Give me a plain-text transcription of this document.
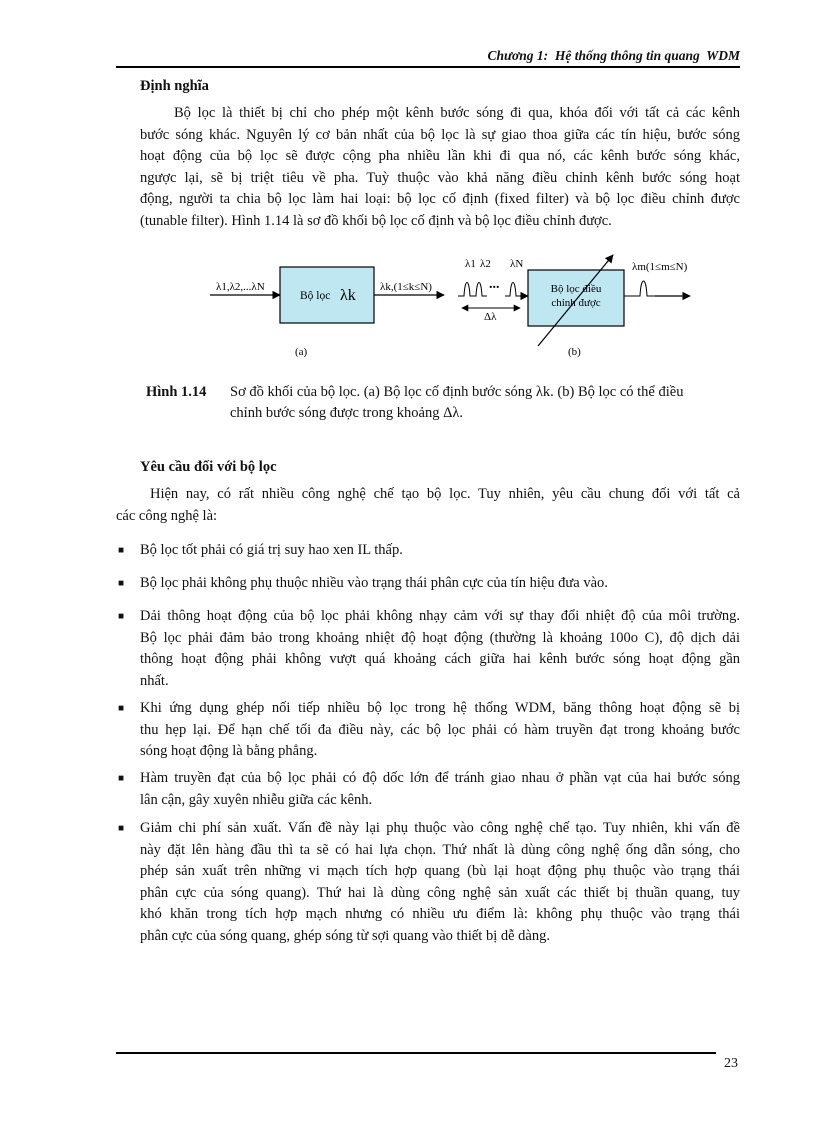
Chương 1:  Hệ thống thông tin quang  WDM
Định nghĩa
Bộ lọc là thiết bị chỉ cho phép một kênh bước sóng đi qua, khóa đối với tất cả các kênh
bước sóng khác. Nguyên lý cơ bản nhất của bộ lọc là sự giao thoa giữa các tín hiệu, bước sóng
hoạt động của bộ lọc sẽ được cộng pha nhiều lần khi đi qua nó, các kênh bước sóng khác,
ngược lại, sẽ bị triệt tiêu về pha. Tuỳ thuộc vào khả năng điều chỉnh kênh bước sóng hoạt
động, người ta chia bộ lọc làm hai loại: bộ lọc cố định (fixed filter) và bộ lọc điều chỉnh được
(tunable filter). Hình 1.14 là sơ đồ khối bộ lọc cố định và bộ lọc điều chỉnh được.
λ1,λ2,...λN
Bộ lọc λk λk,(1≤k≤N)
(a)
λ1 λ2 λN
...
Δλ
Bộ lọc điều
chỉnh được
λm(1≤m≤N)
(b)
Hình 1.14 Sơ đồ khối của bộ lọc. (a) Bộ lọc cố định bước sóng λk. (b) Bộ lọc có thể điều
chỉnh bước sóng được trong khoảng Δλ.
Yêu cầu đối với bộ lọc
Hiện nay, có rất nhiều công nghệ chế tạo bộ lọc. Tuy nhiên, yêu cầu chung đối với tất cả
các công nghệ là:
■ Bộ lọc tốt phải có giá trị suy hao xen IL thấp.
■ Bộ lọc phải không phụ thuộc nhiều vào trạng thái phân cực của tín hiệu đưa vào.
■ Dải thông hoạt động của bộ lọc phải không nhạy cảm với sự thay đổi nhiệt độ của môi trường.
Bộ lọc phải đảm bảo trong khoảng nhiệt độ hoạt động (thường là khoảng 100o C), độ dịch dải
thông hoạt động phải không vượt quá khoảng cách giữa hai kênh bước sóng hoạt động gần
nhất.
■ Khi ứng dụng ghép nối tiếp nhiều bộ lọc trong hệ thống WDM, băng thông hoạt động sẽ bị
thu hẹp lại. Để hạn chế tối đa điều này, các bộ lọc phải có hàm truyền đạt trong khoảng bước
sóng hoạt động là bằng phẳng.
■ Hàm truyền đạt của bộ lọc phải có độ dốc lớn để tránh giao nhau ở phần vạt của hai bước sóng
lân cận, gây xuyên nhiễu giữa các kênh.
■ Giảm chi phí sản xuất. Vấn đề này lại phụ thuộc vào công nghệ chế tạo. Tuy nhiên, khi vấn đề
này đặt lên hàng đầu thì ta sẽ có hai lựa chọn. Thứ nhất là dùng công nghệ ống dẫn sóng, cho
phép sản xuất trên những vi mạch tích hợp quang (bù lại hoạt động phụ thuộc vào trạng thái
phân cực của sóng quang). Thứ hai là dùng công nghệ sản xuất các thiết bị thuần quang, tuy
khó khăn trong tích hợp mạch nhưng có nhiều ưu điểm là: không phụ thuộc vào trạng thái
phân cực của sóng quang, ghép sóng từ sợi quang vào thiết bị dễ dàng.
23
